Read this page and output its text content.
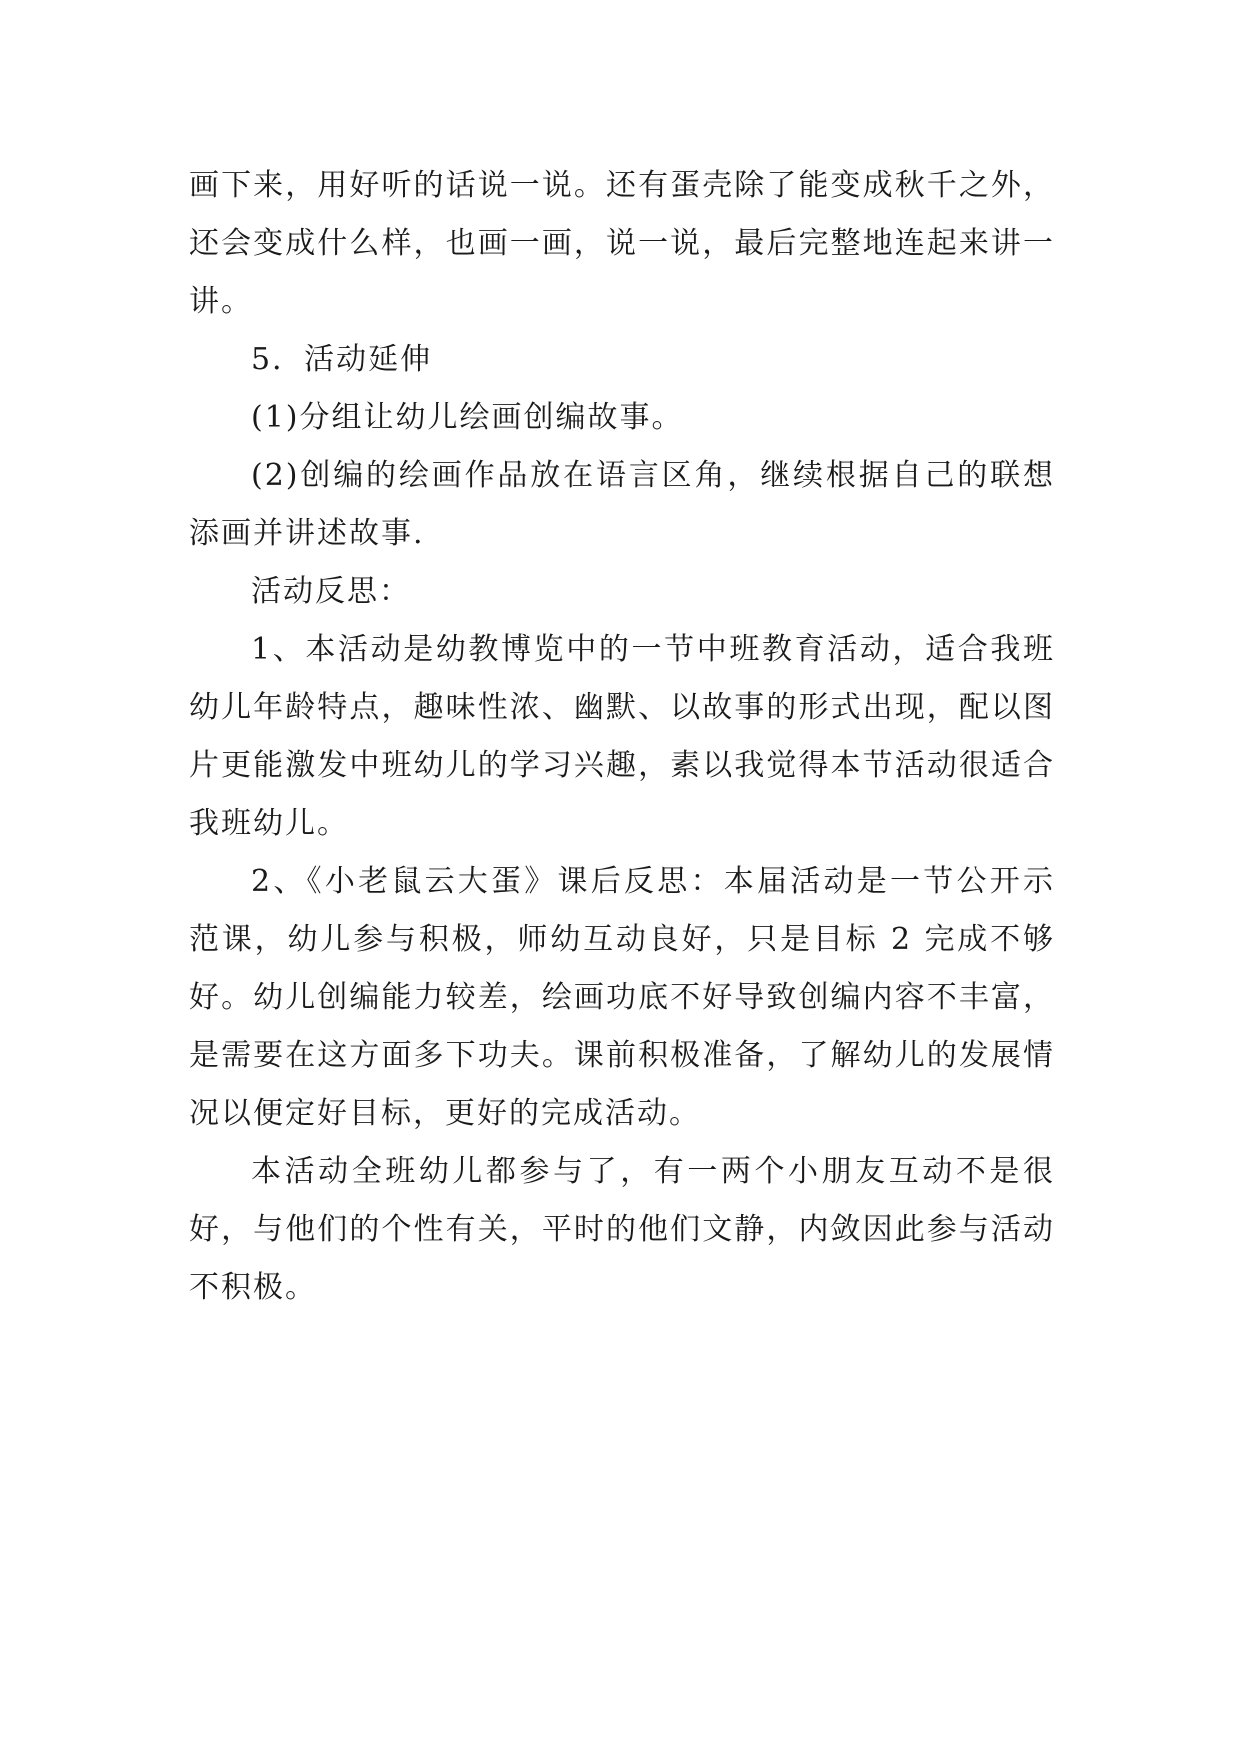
画下来，用好听的话说一说。还有蛋壳除了能变成秋千之外，还会变成什么样，也画一画，说一说，最后完整地连起来讲一讲。

5．活动延伸

(1)分组让幼儿绘画创编故事。

(2)创编的绘画作品放在语言区角，继续根据自己的联想添画并讲述故事.

活动反思：

1、本活动是幼教博览中的一节中班教育活动，适合我班幼儿年龄特点，趣味性浓、幽默、以故事的形式出现，配以图片更能激发中班幼儿的学习兴趣，素以我觉得本节活动很适合我班幼儿。

2、《小老鼠云大蛋》课后反思：本届活动是一节公开示范课，幼儿参与积极，师幼互动良好，只是目标 2 完成不够好。幼儿创编能力较差，绘画功底不好导致创编内容不丰富，是需要在这方面多下功夫。课前积极准备，了解幼儿的发展情况以便定好目标，更好的完成活动。

本活动全班幼儿都参与了，有一两个小朋友互动不是很好，与他们的个性有关，平时的他们文静，内敛因此参与活动不积极。
